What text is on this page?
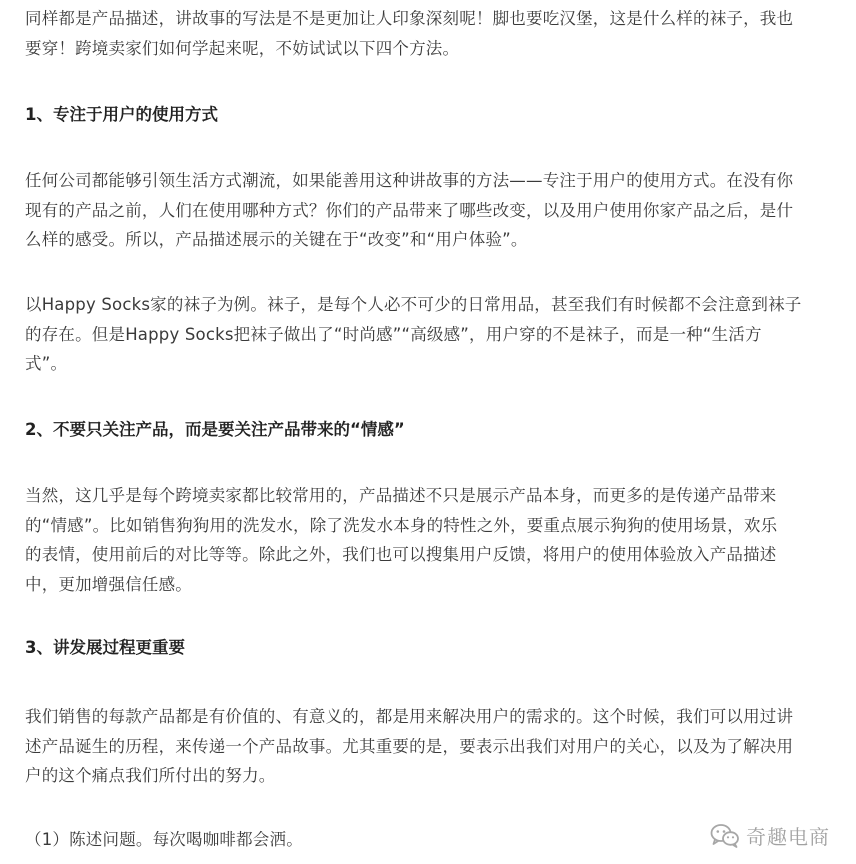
同样都是产品描述，讲故事的写法是不是更加让人印象深刻呢！脚也要吃汉堡，这是什么样的袜子，我也
要穿！跨境卖家们如何学起来呢，不妨试试以下四个方法。

1、专注于用户的使用方式

任何公司都能够引领生活方式潮流，如果能善用这种讲故事的方法——专注于用户的使用方式。在没有你
现有的产品之前，人们在使用哪种方式？你们的产品带来了哪些改变，以及用户使用你家产品之后，是什
么样的感受。所以，产品描述展示的关键在于“改变”和“用户体验”。

以Happy Socks家的袜子为例。袜子，是每个人必不可少的日常用品，甚至我们有时候都不会注意到袜子
的存在。但是Happy Socks把袜子做出了“时尚感”“高级感”，用户穿的不是袜子，而是一种“生活方
式”。

2、不要只关注产品，而是要关注产品带来的“情感”

当然，这几乎是每个跨境卖家都比较常用的，产品描述不只是展示产品本身，而更多的是传递产品带来
的“情感”。比如销售狗狗用的洗发水，除了洗发水本身的特性之外，要重点展示狗狗的使用场景，欢乐
的表情，使用前后的对比等等。除此之外，我们也可以搜集用户反馈，将用户的使用体验放入产品描述
中，更加增强信任感。

3、讲发展过程更重要

我们销售的每款产品都是有价值的、有意义的，都是用来解决用户的需求的。这个时候，我们可以用过讲
述产品诞生的历程，来传递一个产品故事。尤其重要的是，要表示出我们对用户的关心，以及为了解决用
户的这个痛点我们所付出的努力。

（1）陈述问题。每次喝咖啡都会洒。	奇趣电商
